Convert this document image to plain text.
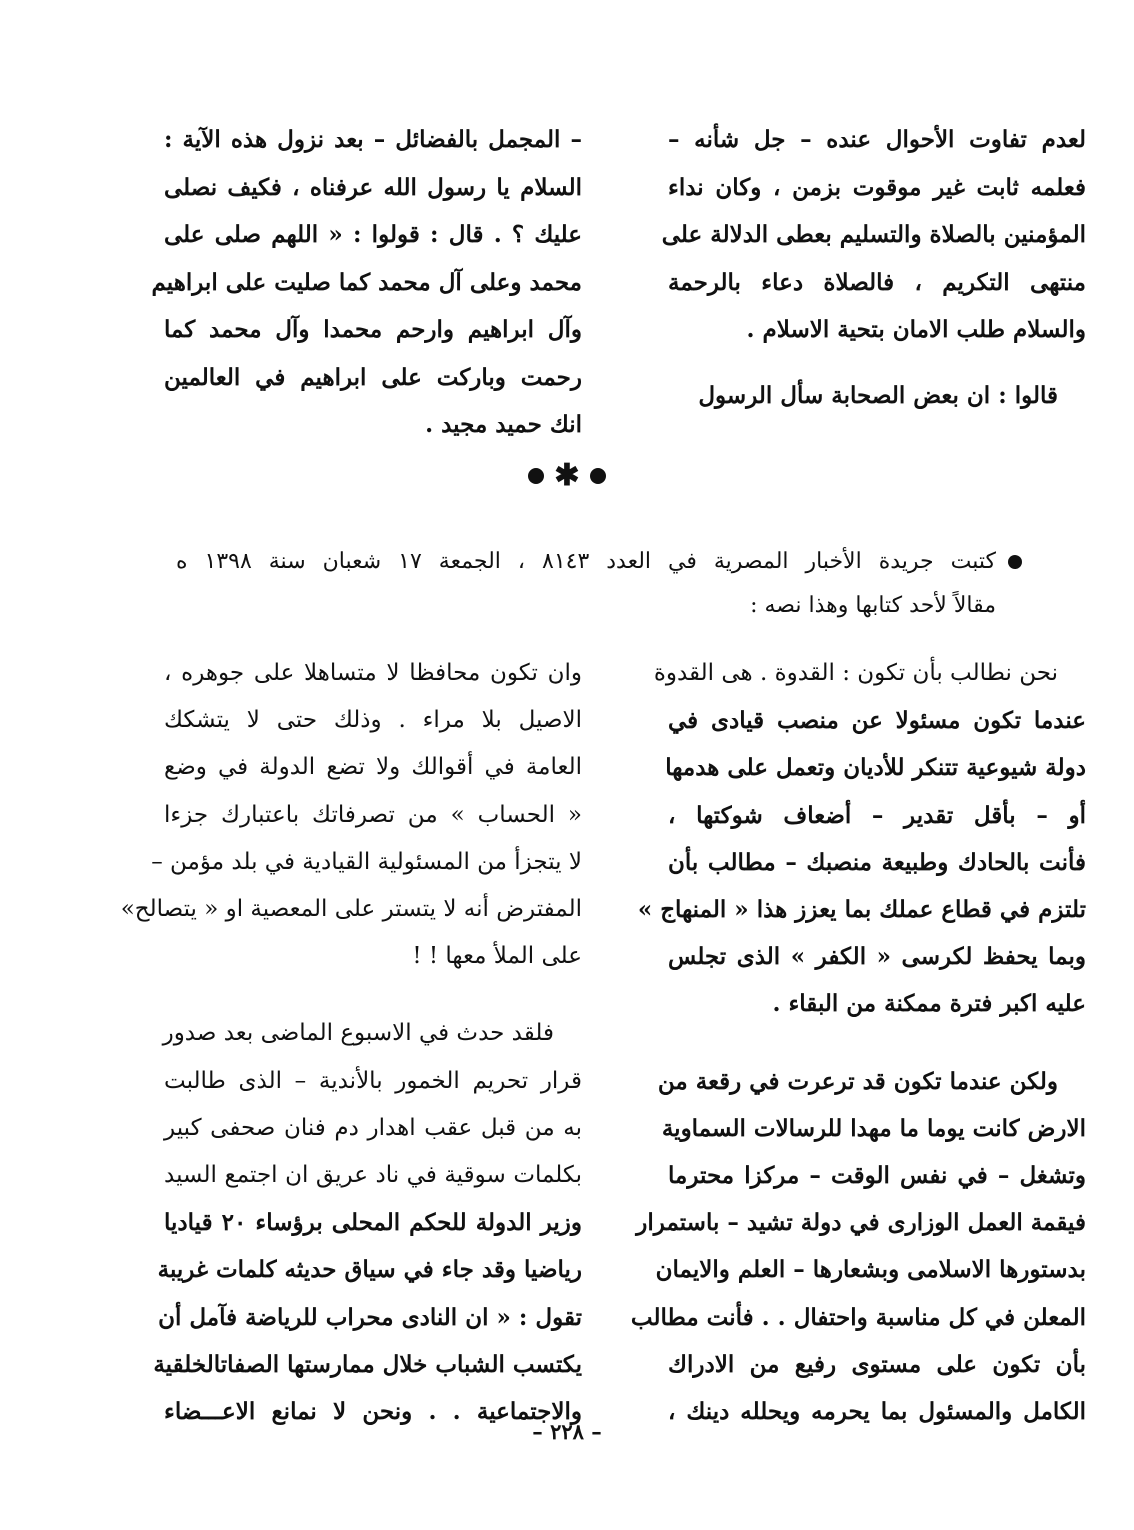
لعدم تفاوت الأحوال عنده – جل شأنه –
فعلمه ثابت غير موقوت بزمن ، وكان نداء
المؤمنين بالصلاة والتسليم بعطى الدلالة على
منتهى التكريم ، فالصلاة دعاء بالرحمة
والسلام طلب الامان بتحية الاسلام .
قالوا : ان بعض الصحابة سأل الرسول
– المجمل بالفضائل – بعد نزول هذه الآية :
السلام يا رسول الله عرفناه ، فكيف نصلى
عليك ؟ . قال : قولوا : « اللهم صلى على
محمد وعلى آل محمد كما صليت على ابراهيم
وآل ابراهيم وارحم محمدا وآل محمد كما
رحمت وباركت على ابراهيم في العالمين
انك حميد مجيد .
✱
كتبت جريدة الأخبار المصرية في العدد ٨١٤٣ ، الجمعة ١٧ شعبان سنة ١٣٩٨ ه
مقالاً لأحد كتابها وهذا نصه :
نحن نطالب بأن تكون : القدوة . هى القدوة
عندما تكون مسئولا عن منصب قيادى في
دولة شيوعية تتنكر للأديان وتعمل على هدمها
أو – بأقل تقدير – أضعاف شوكتها ،
فأنت بالحادك وطبيعة منصبك – مطالب بأن
تلتزم في قطاع عملك بما يعزز هذا « المنهاج »
وبما يحفظ لكرسى « الكفر » الذى تجلس
عليه اكبر فترة ممكنة من البقاء .
ولكن عندما تكون قد ترعرت في رقعة من
الارض كانت يوما ما مهدا للرسالات السماوية
وتشغل – في نفس الوقت – مركزا محترما
فيقمة العمل الوزارى في دولة تشيد – باستمرار
بدستورها الاسلامى وبشعارها – العلم والايمان
المعلن في كل مناسبة واحتفال . . فأنت مطالب
بأن تكون على مستوى رفيع من الادراك
الكامل والمسئول بما يحرمه ويحلله دينك ،
وان تكون محافظا لا متساهلا على جوهره ،
الاصيل بلا مراء . وذلك حتى لا يتشكك
العامة في أقوالك ولا تضع الدولة في وضع
« الحساب » من تصرفاتك باعتبارك جزءا
لا يتجزأ من المسئولية القيادية في بلد مؤمن –
المفترض أنه لا يتستر على المعصية او « يتصالح»
على الملأ معها ! !
فلقد حدث في الاسبوع الماضى بعد صدور
قرار تحريم الخمور بالأندية – الذى طالبت
به من قبل عقب اهدار دم فنان صحفى كبير
بكلمات سوقية في ناد عريق ان اجتمع السيد
وزير الدولة للحكم المحلى برؤساء ٢٠ قياديا
رياضيا وقد جاء في سياق حديثه كلمات غريبة
تقول : « ان النادى محراب للرياضة فآمل أن
يكتسب الشباب خلال ممارستها الصفاتالخلقية
والاجتماعية . . ونحن لا نمانع الاعـــضاء
– ٢٢٨ –
